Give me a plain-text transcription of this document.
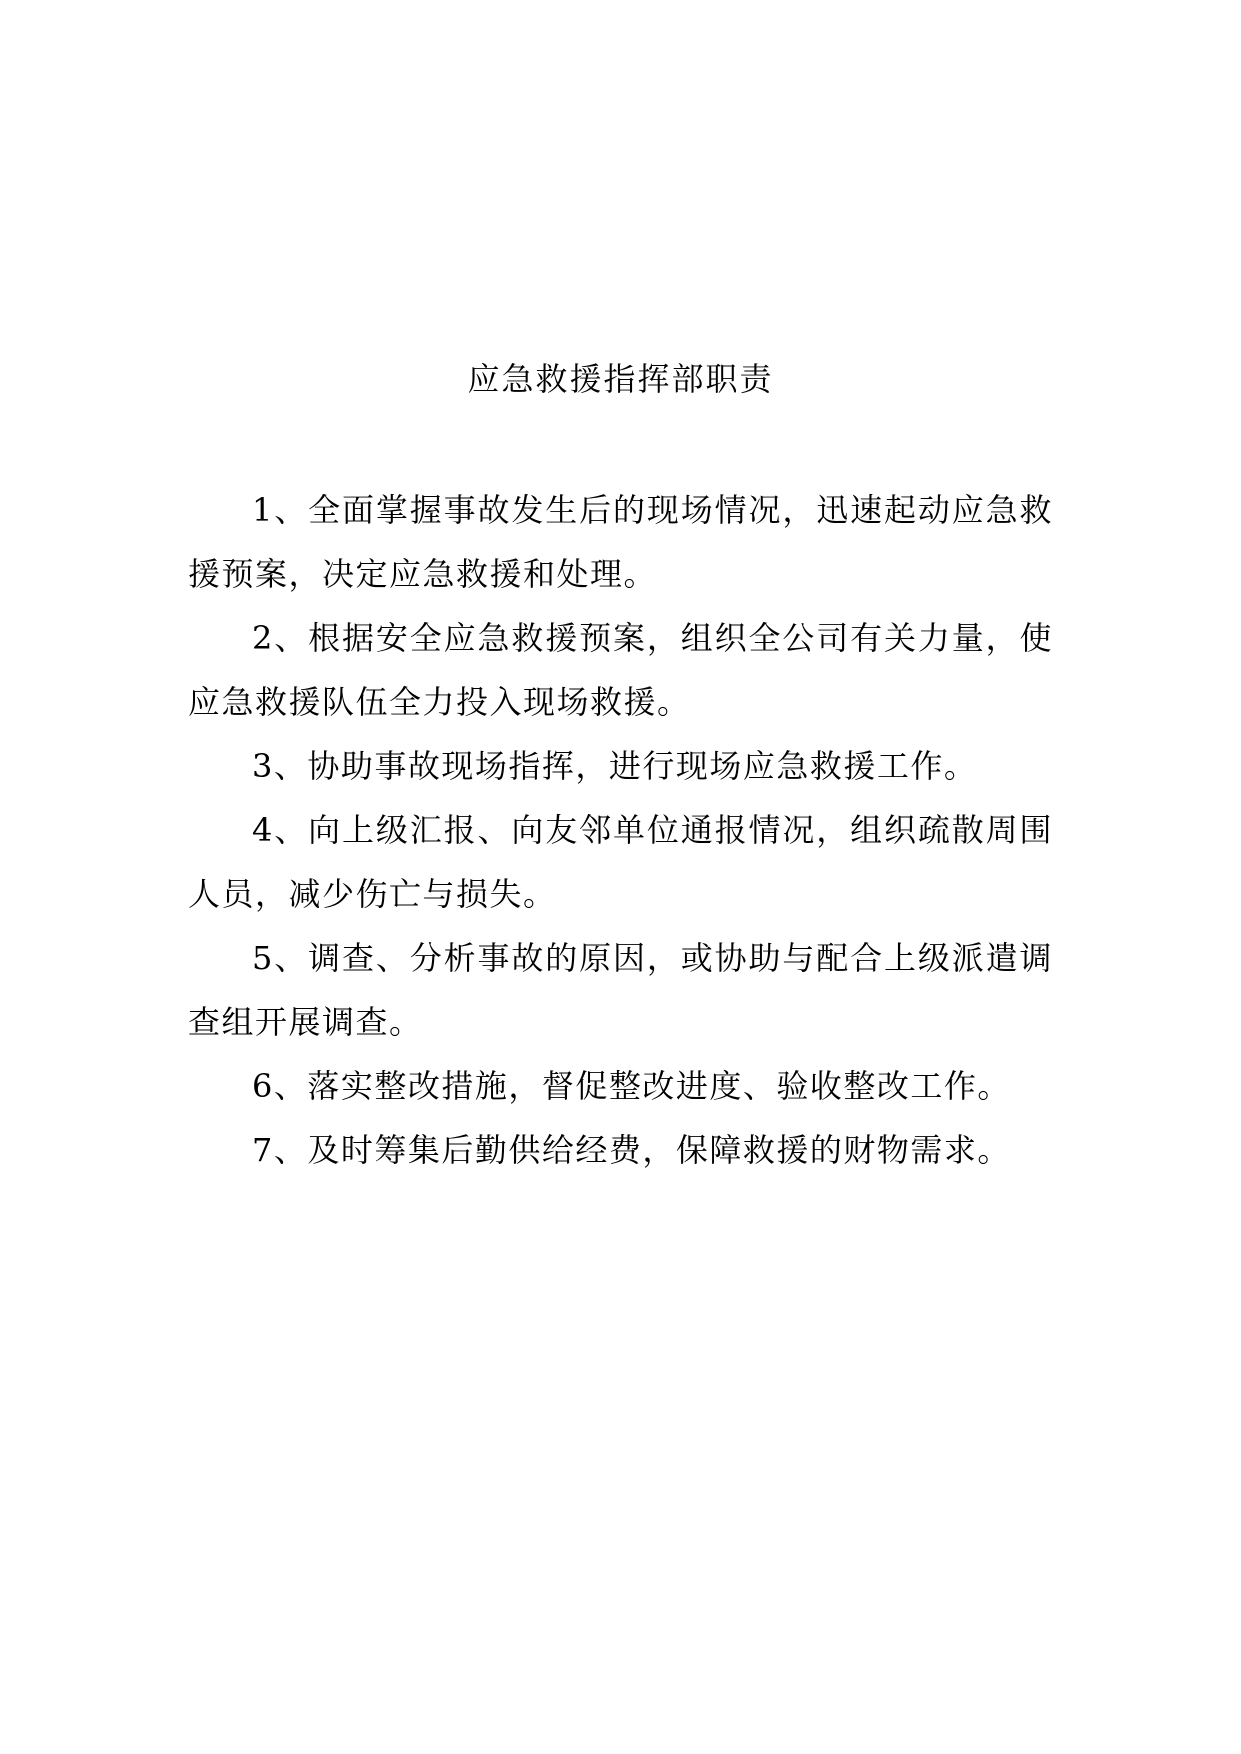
应急救援指挥部职责

1、全面掌握事故发生后的现场情况，迅速起动应急救援预案，决定应急救援和处理。

2、根据安全应急救援预案，组织全公司有关力量，使应急救援队伍全力投入现场救援。

3、协助事故现场指挥，进行现场应急救援工作。

4、向上级汇报、向友邻单位通报情况，组织疏散周围人员，减少伤亡与损失。

5、调查、分析事故的原因，或协助与配合上级派遣调查组开展调查。

6、落实整改措施，督促整改进度、验收整改工作。

7、及时筹集后勤供给经费，保障救援的财物需求。
